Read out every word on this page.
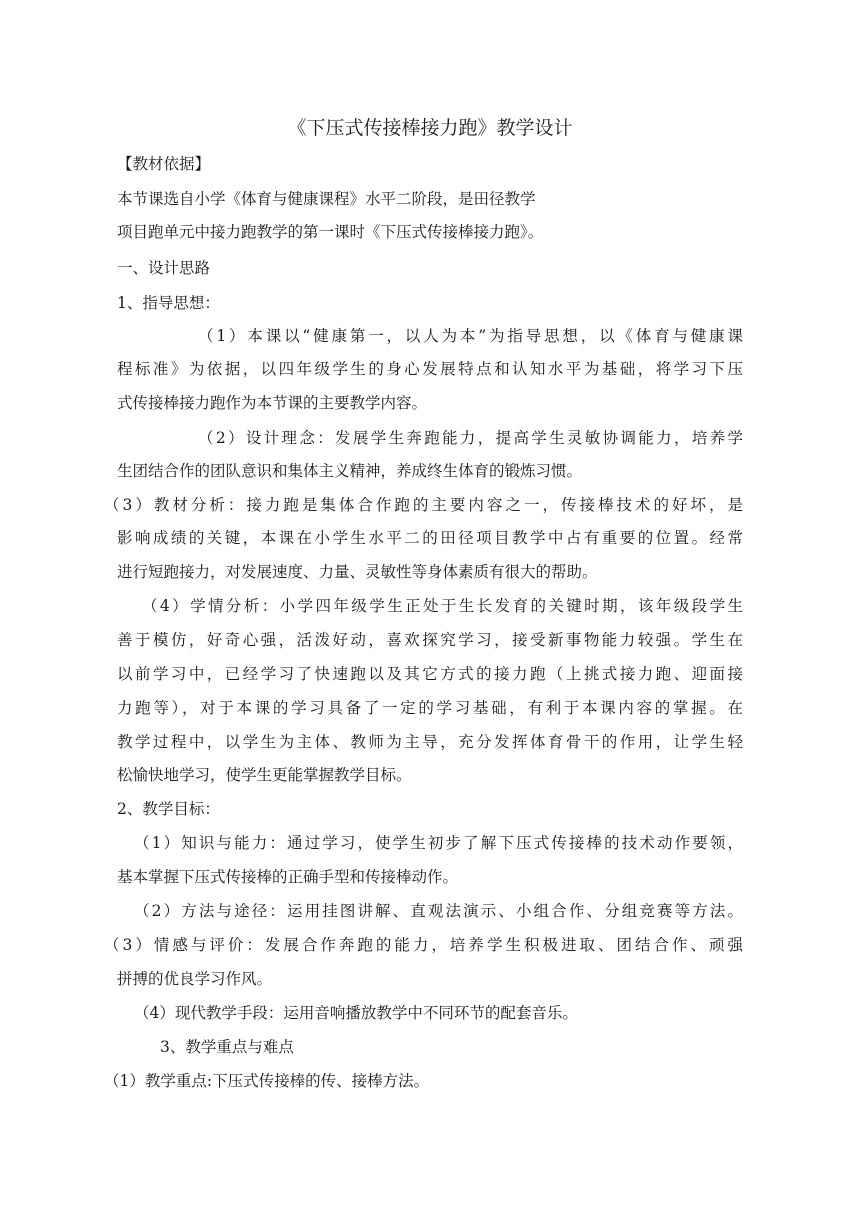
《下压式传接棒接力跑》教学设计
【教材依据】
本节课选自小学《体育与健康课程》水平二阶段，是田径教学
项目跑单元中接力跑教学的第一课时《下压式传接棒接力跑》。
一、设计思路
1、指导思想：
（1）本课以“健康第一，以人为本”为指导思想，以《体育与健康课
程标准》为依据，以四年级学生的身心发展特点和认知水平为基础，将学习下压
式传接棒接力跑作为本节课的主要教学内容。
（2）设计理念：发展学生奔跑能力，提高学生灵敏协调能力，培养学
生团结合作的团队意识和集体主义精神，养成终生体育的锻炼习惯。
（3）教材分析：接力跑是集体合作跑的主要内容之一，传接棒技术的好坏，是
影响成绩的关键，本课在小学生水平二的田径项目教学中占有重要的位置。经常
进行短跑接力，对发展速度、力量、灵敏性等身体素质有很大的帮助。
（4）学情分析：小学四年级学生正处于生长发育的关键时期，该年级段学生
善于模仿，好奇心强，活泼好动，喜欢探究学习，接受新事物能力较强。学生在
以前学习中，已经学习了快速跑以及其它方式的接力跑（上挑式接力跑、迎面接
力跑等），对于本课的学习具备了一定的学习基础，有利于本课内容的掌握。在
教学过程中，以学生为主体、教师为主导，充分发挥体育骨干的作用，让学生轻
松愉快地学习，使学生更能掌握教学目标。
2、教学目标：
（1）知识与能力：通过学习，使学生初步了解下压式传接棒的技术动作要领，
基本掌握下压式传接棒的正确手型和传接棒动作。
（2）方法与途径：运用挂图讲解、直观法演示、小组合作、分组竞赛等方法。
（3）情感与评价：发展合作奔跑的能力，培养学生积极进取、团结合作、顽强
拼搏的优良学习作风。
（4）现代教学手段：运用音响播放教学中不同环节的配套音乐。
3、教学重点与难点
（1）教学重点:下压式传接棒的传、接棒方法。
